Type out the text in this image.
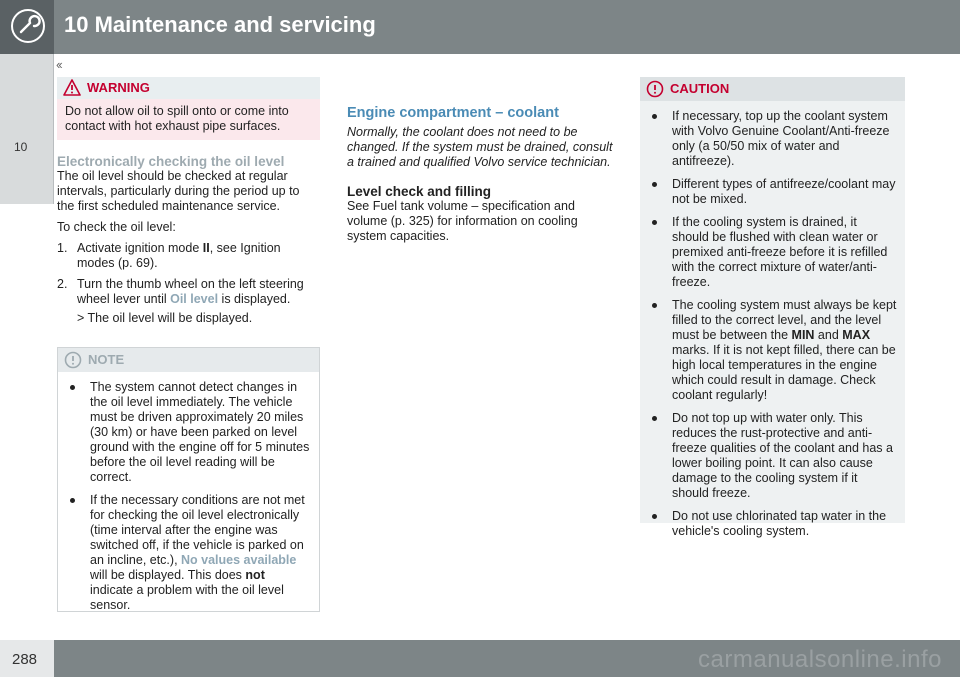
10 Maintenance and servicing
10
‹‹
WARNING
Do not allow oil to spill onto or come into contact with hot exhaust pipe surfaces.
Electronically checking the oil level

The oil level should be checked at regular intervals, particularly during the period up to the first scheduled maintenance service.

To check the oil level:

1. Activate ignition mode II, see Ignition modes (p. 69).
2. Turn the thumb wheel on the left steering wheel lever until Oil level is displayed.
> The oil level will be displayed.
NOTE
The system cannot detect changes in the oil level immediately. The vehicle must be driven approximately 20 miles (30 km) or have been parked on level ground with the engine off for 5 minutes before the oil level reading will be correct.
If the necessary conditions are not met for checking the oil level electronically (time interval after the engine was switched off, if the vehicle is parked on an incline, etc.), No values available will be displayed. This does not indicate a problem with the oil level sensor.
Engine compartment – coolant

Normally, the coolant does not need to be changed. If the system must be drained, consult a trained and qualified Volvo service technician.

Level check and filling

See Fuel tank volume – specification and volume (p. 325) for information on cooling system capacities.

CAUTION
If necessary, top up the coolant system with Volvo Genuine Coolant/Anti-freeze only (a 50/50 mix of water and antifreeze).
Different types of antifreeze/coolant may not be mixed.
If the cooling system is drained, it should be flushed with clean water or premixed anti-freeze before it is refilled with the correct mixture of water/anti-freeze.
The cooling system must always be kept filled to the correct level, and the level must be between the MIN and MAX marks. If it is not kept filled, there can be high local temperatures in the engine which could result in damage. Check coolant regularly!
Do not top up with water only. This reduces the rust-protective and anti-freeze qualities of the coolant and has a lower boiling point. It can also cause damage to the cooling system if it should freeze.
Do not use chlorinated tap water in the vehicle's cooling system.
288	carmanualsonline.info
